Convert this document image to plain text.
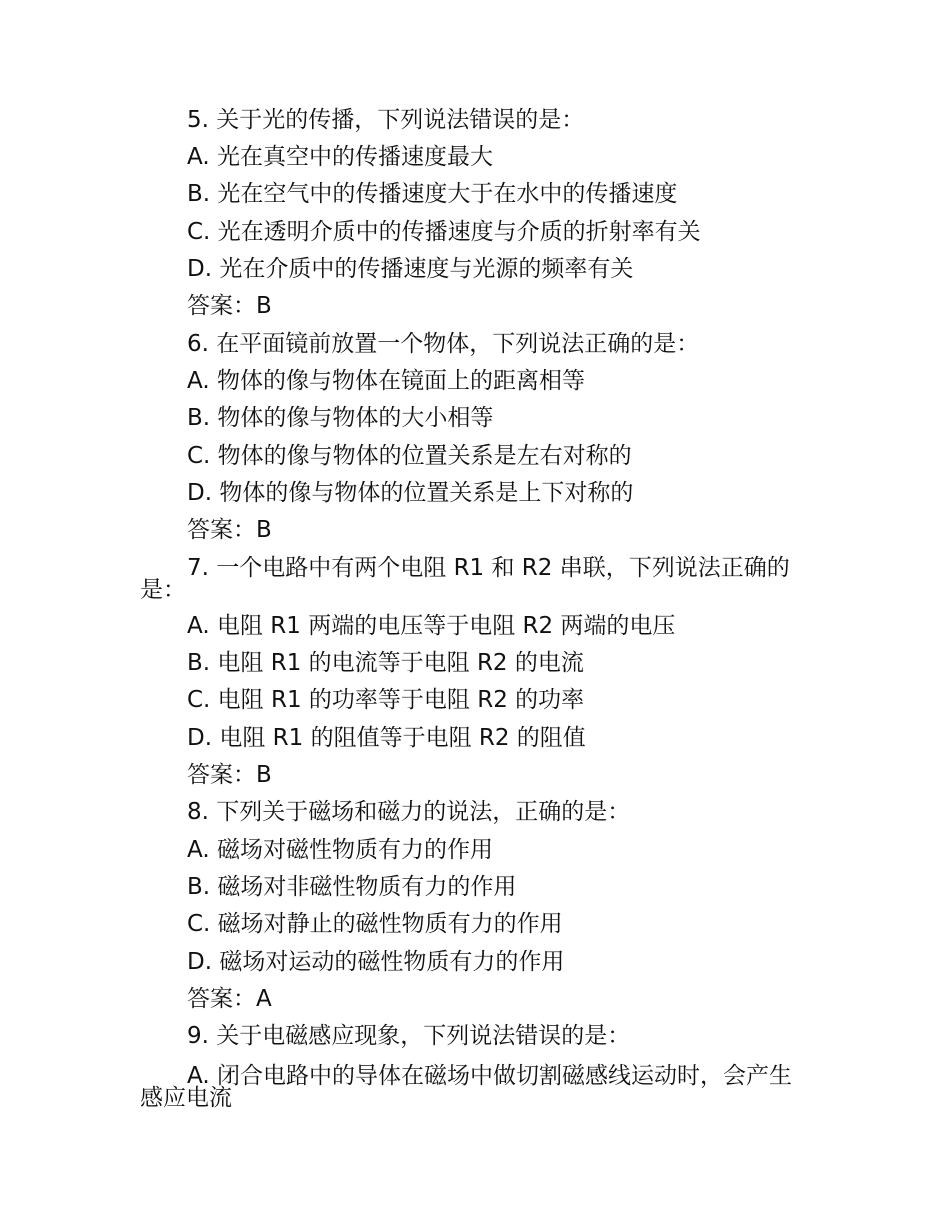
5. 关于光的传播，下列说法错误的是：
A. 光在真空中的传播速度最大
B. 光在空气中的传播速度大于在水中的传播速度
C. 光在透明介质中的传播速度与介质的折射率有关
D. 光在介质中的传播速度与光源的频率有关
答案：B
6. 在平面镜前放置一个物体，下列说法正确的是：
A. 物体的像与物体在镜面上的距离相等
B. 物体的像与物体的大小相等
C. 物体的像与物体的位置关系是左右对称的
D. 物体的像与物体的位置关系是上下对称的
答案：B
7. 一个电路中有两个电阻 R1 和 R2 串联，下列说法正确的是：
A. 电阻 R1 两端的电压等于电阻 R2 两端的电压
B. 电阻 R1 的电流等于电阻 R2 的电流
C. 电阻 R1 的功率等于电阻 R2 的功率
D. 电阻 R1 的阻值等于电阻 R2 的阻值
答案：B
8. 下列关于磁场和磁力的说法，正确的是：
A. 磁场对磁性物质有力的作用
B. 磁场对非磁性物质有力的作用
C. 磁场对静止的磁性物质有力的作用
D. 磁场对运动的磁性物质有力的作用
答案：A
9. 关于电磁感应现象，下列说法错误的是：
A. 闭合电路中的导体在磁场中做切割磁感线运动时，会产生感应电流
